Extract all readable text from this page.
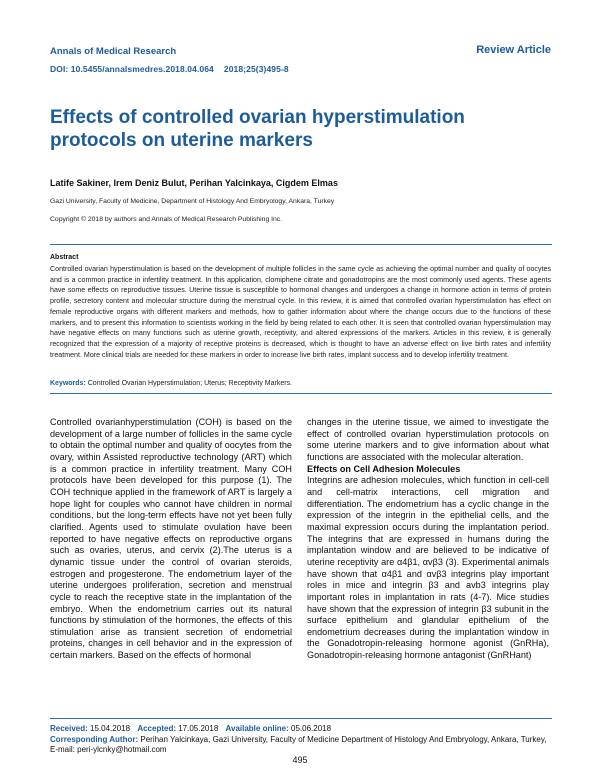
Annals of Medical Research
DOI: 10.5455/annalsmedres.2018.04.064 2018;25(3)495-8
Review Article
Effects of controlled ovarian hyperstimulation protocols on uterine markers
Latife Sakiner, Irem Deniz Bulut, Perihan Yalcinkaya, Cigdem Elmas
Gazi University, Faculty of Medicine, Department of Histology And Embryology, Ankara, Turkey
Copyright © 2018 by authors and Annals of Medical Research Publishing Inc.
Abstract
Controlled ovarian hyperstimulation is based on the development of multiple follicles in the same cycle as achieving the optimal number and quality of oocytes and is a common practice in infertility treatment. In this application, clomiphene citrate and gonadotropins are the most commonly used agents. These agents have some effects on reproductive tissues. Uterine tissue is susceptible to hormonal changes and undergoes a change in hormone action in terms of protein profile, secretory content and molecular structure during the menstrual cycle. In this review, it is aimed that controlled ovarian hyperstimulation has effect on female reproductive organs with different markers and methods, how to gather information about where the change occurs due to the functions of these markers, and to present this information to scientists working in the field by being related to each other. It is seen that controlled ovarian hyperstimulation may have negative effects on many functions such as uterine growth, receptivity, and altered expressions of the markers. Articles in this review, it is generally recognized that the expression of a majority of receptive proteins is decreased, which is thought to have an adverse effect on live birth rates and infertility treatment. More clinical trials are needed for these markers in order to increase live birth rates, implant success and to develop infertility treatment.
Keywords: Controlled Ovarian Hyperstimulation; Uterus; Receptivity Markers.

Controlled ovarianhyperstimulation (COH) is based on the development of a large number of follicles in the same cycle to obtain the optimal number and quality of oocytes from the ovary, within Assisted reproductive technology (ART) which is a common practice in infertility treatment. Many COH protocols have been developed for this purpose (1). The COH technique applied in the framework of ART is largely a hope light for couples who cannot have children in normal conditions, but the long-term effects have not yet been fully clarified. Agents used to stimulate ovulation have been reported to have negative effects on reproductive organs such as ovaries, uterus, and cervix (2).The uterus is a dynamic tissue under the control of ovarian steroids, estrogen and progesterone. The endometrium layer of the uterine undergoes proliferation, secretion and menstrual cycle to reach the receptive state in the implantation of the embryo. When the endometrium carries out its natural functions by stimulation of the hormones, the effects of this stimulation arise as transient secretion of endometrial proteins, changes in cell behavior and in the expression of certain markers. Based on the effects of hormonal

changes in the uterine tissue, we aimed to investigate the effect of controlled ovarian hyperstimulation protocols on some uterine markers and to give information about what functions are associated with the molecular alteration.

Effects on Cell Adhesion Molecules

Integrins are adhesion molecules, which function in cell-cell and cell-matrix interactions, cell migration and differentiation. The endometrium has a cyclic change in the expression of the integrin in the epithelial cells, and the maximal expression occurs during the implantation period. The integrins that are expressed in humans during the implantation window and are believed to be indicative of uterine receptivity are α4β1, αvβ3 (3). Experimental animals have shown that α4β1 and αvβ3 integrins play important roles in mice and integrin β3 and avb3 integrins play important roles in implantation in rats (4-7). Mice studies have shown that the expression of integrin β3 subunit in the surface epithelium and glandular epithelium of the endometrium decreases during the implantation window in the Gonadotropin-releasing hormone agonist (GnRHa), Gonadotropin-releasing hormone antagonist (GnRHant)

Received: 15.04.2018 Accepted: 17.05.2018 Available online: 05.06.2018
Corresponding Author: Perihan Yalcinkaya, Gazi University, Faculty of Medicine Department of Histology And Embryology, Ankara, Turkey, E-mail: peri-ylcnky@hotmail.com
495
